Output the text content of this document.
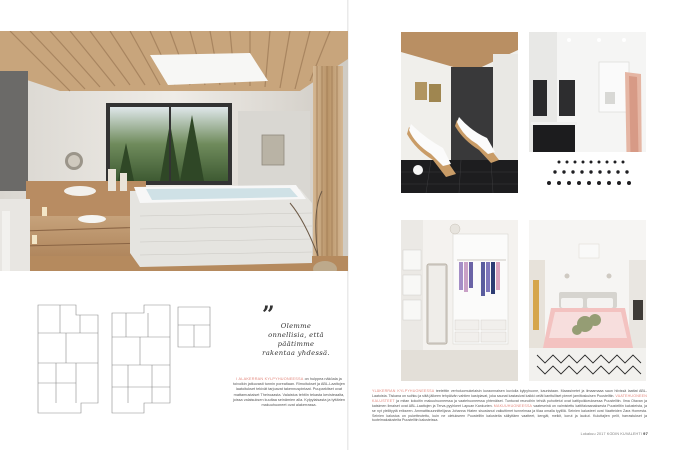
” Olemme
onnellisia, että
päätimme
rakentaa yhdessä.
I ALAKERRAN KYLPYHUONEESSA on hulppea näköala ja toivoikin jatkuvasti tunnin porealtaan. Rimoitukset ja ABL-Laattojen laatoitukset tekivät tarjoavat takennuspintaat. Puuparkitset ovat mattamustaiset Theiroaasta. Valaistus tehtiin tekasta kevisteaalta, joissa valaisuksen kuultaa seinämien alla. Kylpylaisasta ja tyttärien makuuhuoneet ovat alakerrassa.
YLÄKERRAN KYLPYHUONEESSA teeleittin verholuomukelaisin kuraonnaisen kuviolla kylpyhuone, kaunistaan. Maassinetet ja ilmaamaaa saun hiivissä laattat ABL-Laatoista. Tiskana on suihku ja siitä jälkeen tehpäivän vahtien kastpiavat, joka saunat kastasivat kaikki oelät kanttulliset pienet jamiltoskuisen Puustelltin. VAATEHUONEEN KALUSTEET ja mitan kokoitin makuuhuoneessa ja vaatehuoneessa yhtenäiset. Tuntuvat reunoihin tehdä puhoitetut ovat kattipoikkeuksessa Puustelltin. Ilma Otavan ja katsimen ilmaiset ovat ABL-Laattojen ja Terva-pyyhkeet Lapuan Kankurien. MAKUUHUONEESSA vaateseinä on valmistettu kattifaivaanaksesta Puustelltin kalusteista, ja se nyt yleilityytä erikseen. Ammattisuunnittelijana Johanna Hiaten sisustanut vaikuttimet tunnelmaa ja tilaa omalla tyylillä. Seinien kalusteet ovat Vaatteiden Zara Homesta. Seinien kalustus on puketteutettu, kuin ne oletukseen Puustelltin kalusteita säilyttäen vaatteet, kengät, meikit, korut ja laukut. Kuluttajien pelit, harrastukset ja tuotelmakalusteita Puustelltin kalusteissa.
Lokakuu 2017 KODIN KUVALEHTI 97
